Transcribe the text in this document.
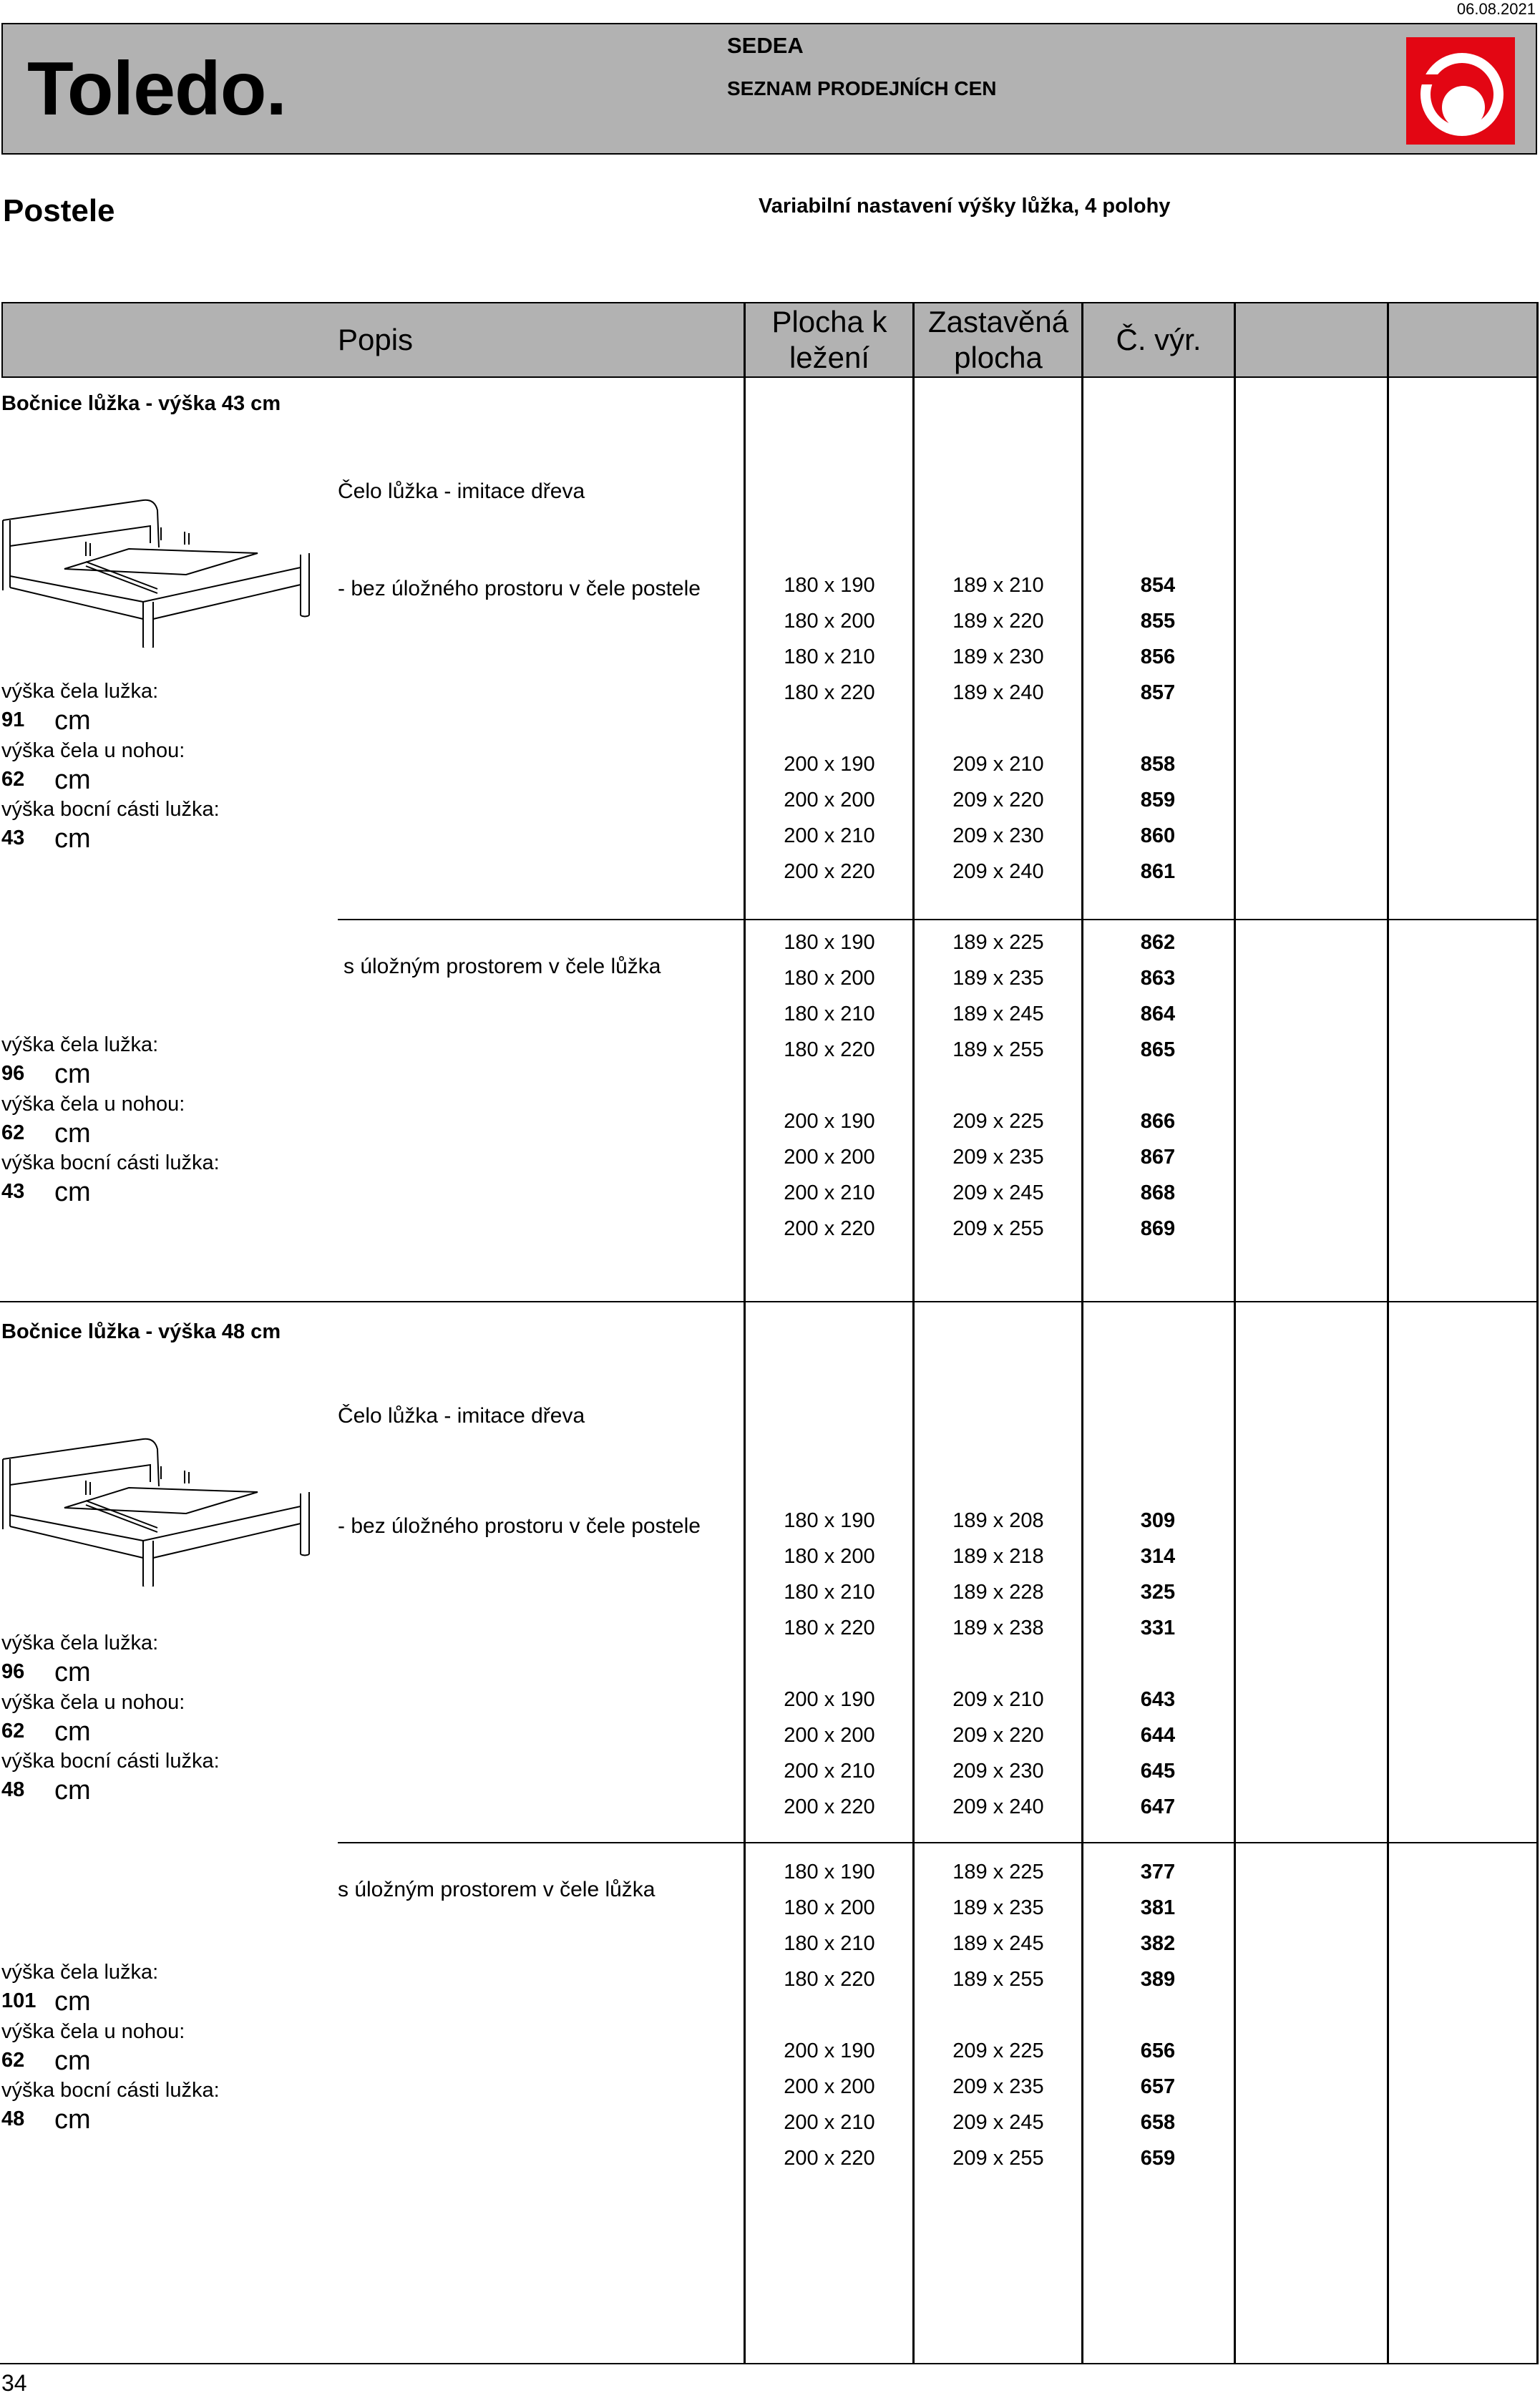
06.08.2021
Toledo.
SEDEA
SEZNAM PRODEJNÍCH CEN
Postele	Variabilní nastavení výšky lůžka, 4 polohy
Popis
Plocha k
ležení
Zastavěná
plocha
Č. výr.
Bočnice lůžka - výška 43 cm
Čelo lůžka - imitace dřeva
- bez úložného prostoru v čele postele
výška čela lužka:
91 cm
výška čela u nohou:
62 cm
výška bocní cásti lužka:
43 cm
s úložným prostorem v čele lůžka
výška čela lužka:
96 cm
výška čela u nohou:
62 cm
výška bocní cásti lužka:
43 cm
Bočnice lůžka - výška 48 cm
Čelo lůžka - imitace dřeva
- bez úložného prostoru v čele postele
výška čela lužka:
96 cm
výška čela u nohou:
62 cm
výška bocní cásti lužka:
48 cm
s úložným prostorem v čele lůžka
výška čela lužka:
101 cm
výška čela u nohou:
62 cm
výška bocní cásti lužka:
48 cm
180 x 190	189 x 210	854
180 x 200	189 x 220	855
180 x 210	189 x 230	856
180 x 220	189 x 240	857
200 x 190	209 x 210	858
200 x 200	209 x 220	859
200 x 210	209 x 230	860
200 x 220	209 x 240	861
180 x 190	189 x 225	862
180 x 200	189 x 235	863
180 x 210	189 x 245	864
180 x 220	189 x 255	865
200 x 190	209 x 225	866
200 x 200	209 x 235	867
200 x 210	209 x 245	868
200 x 220	209 x 255	869
180 x 190	189 x 208	309
180 x 200	189 x 218	314
180 x 210	189 x 228	325
180 x 220	189 x 238	331
200 x 190	209 x 210	643
200 x 200	209 x 220	644
200 x 210	209 x 230	645
200 x 220	209 x 240	647
180 x 190	189 x 225	377
180 x 200	189 x 235	381
180 x 210	189 x 245	382
180 x 220	189 x 255	389
200 x 190	209 x 225	656
200 x 200	209 x 235	657
200 x 210	209 x 245	658
200 x 220	209 x 255	659
34
